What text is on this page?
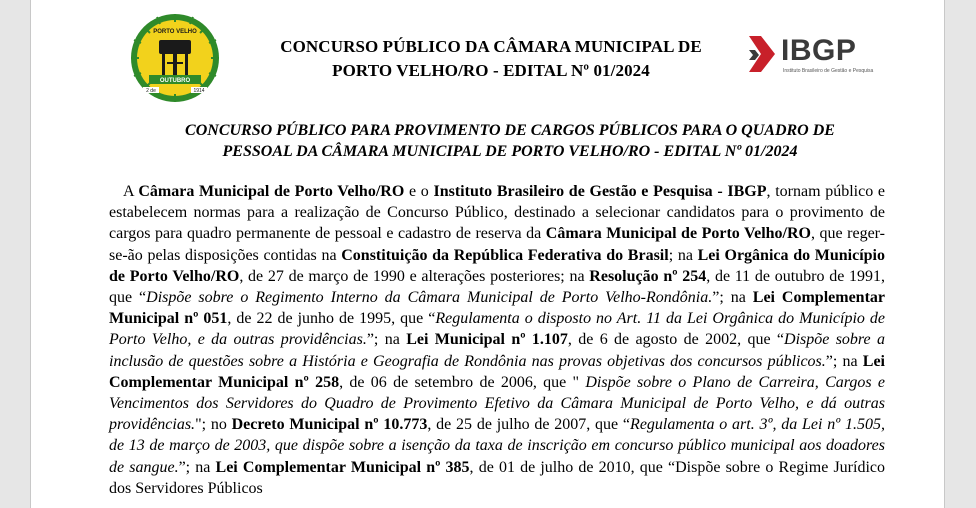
OUTUBRO
PORTO VELHO
2 de	1914
CONCURSO PÚBLICO DA CÂMARA MUNICIPAL DE
PORTO VELHO/RO - EDITAL Nº 01/2024
IBGP
Instituto Brasileiro de Gestão e Pesquisa
CONCURSO PÚBLICO PARA PROVIMENTO DE CARGOS PÚBLICOS PARA O QUADRO DE
PESSOAL DA CÂMARA MUNICIPAL DE PORTO VELHO/RO - EDITAL Nº 01/2024

A Câmara Municipal de Porto Velho/RO e o Instituto Brasileiro de Gestão e Pesquisa - IBGP, tornam público e estabelecem normas para a realização de Concurso Público, destinado a selecionar candidatos para o provimento de cargos para quadro permanente de pessoal e cadastro de reserva da Câmara Municipal de Porto Velho/RO, que reger-se-ão pelas disposições contidas na Constituição da República Federativa do Brasil; na Lei Orgânica do Município de Porto Velho/RO, de 27 de março de 1990 e alterações posteriores; na Resolução nº 254, de 11 de outubro de 1991, que “Dispõe sobre o Regimento Interno da Câmara Municipal de Porto Velho-Rondônia.”; na Lei Complementar Municipal nº 051, de 22 de junho de 1995, que “Regulamenta o disposto no Art. 11 da Lei Orgânica do Município de Porto Velho, e da outras providências.”; na Lei Municipal nº 1.107, de 6 de agosto de 2002, que “Dispõe sobre a inclusão de questões sobre a História e Geografia de Rondônia nas provas objetivas dos concursos públicos.”; na Lei Complementar Municipal nº 258, de 06 de setembro de 2006, que " Dispõe sobre o Plano de Carreira, Cargos e Vencimentos dos Servidores do Quadro de Provimento Efetivo da Câmara Municipal de Porto Velho, e dá outras providências."; no Decreto Municipal nº 10.773, de 25 de julho de 2007, que “Regulamenta o art. 3º, da Lei nº 1.505, de 13 de março de 2003, que dispõe sobre a isenção da taxa de inscrição em concurso público municipal aos doadores de sangue.”; na Lei Complementar Municipal nº 385, de 01 de julho de 2010, que “Dispõe sobre o Regime Jurídico dos Servidores Públicos
